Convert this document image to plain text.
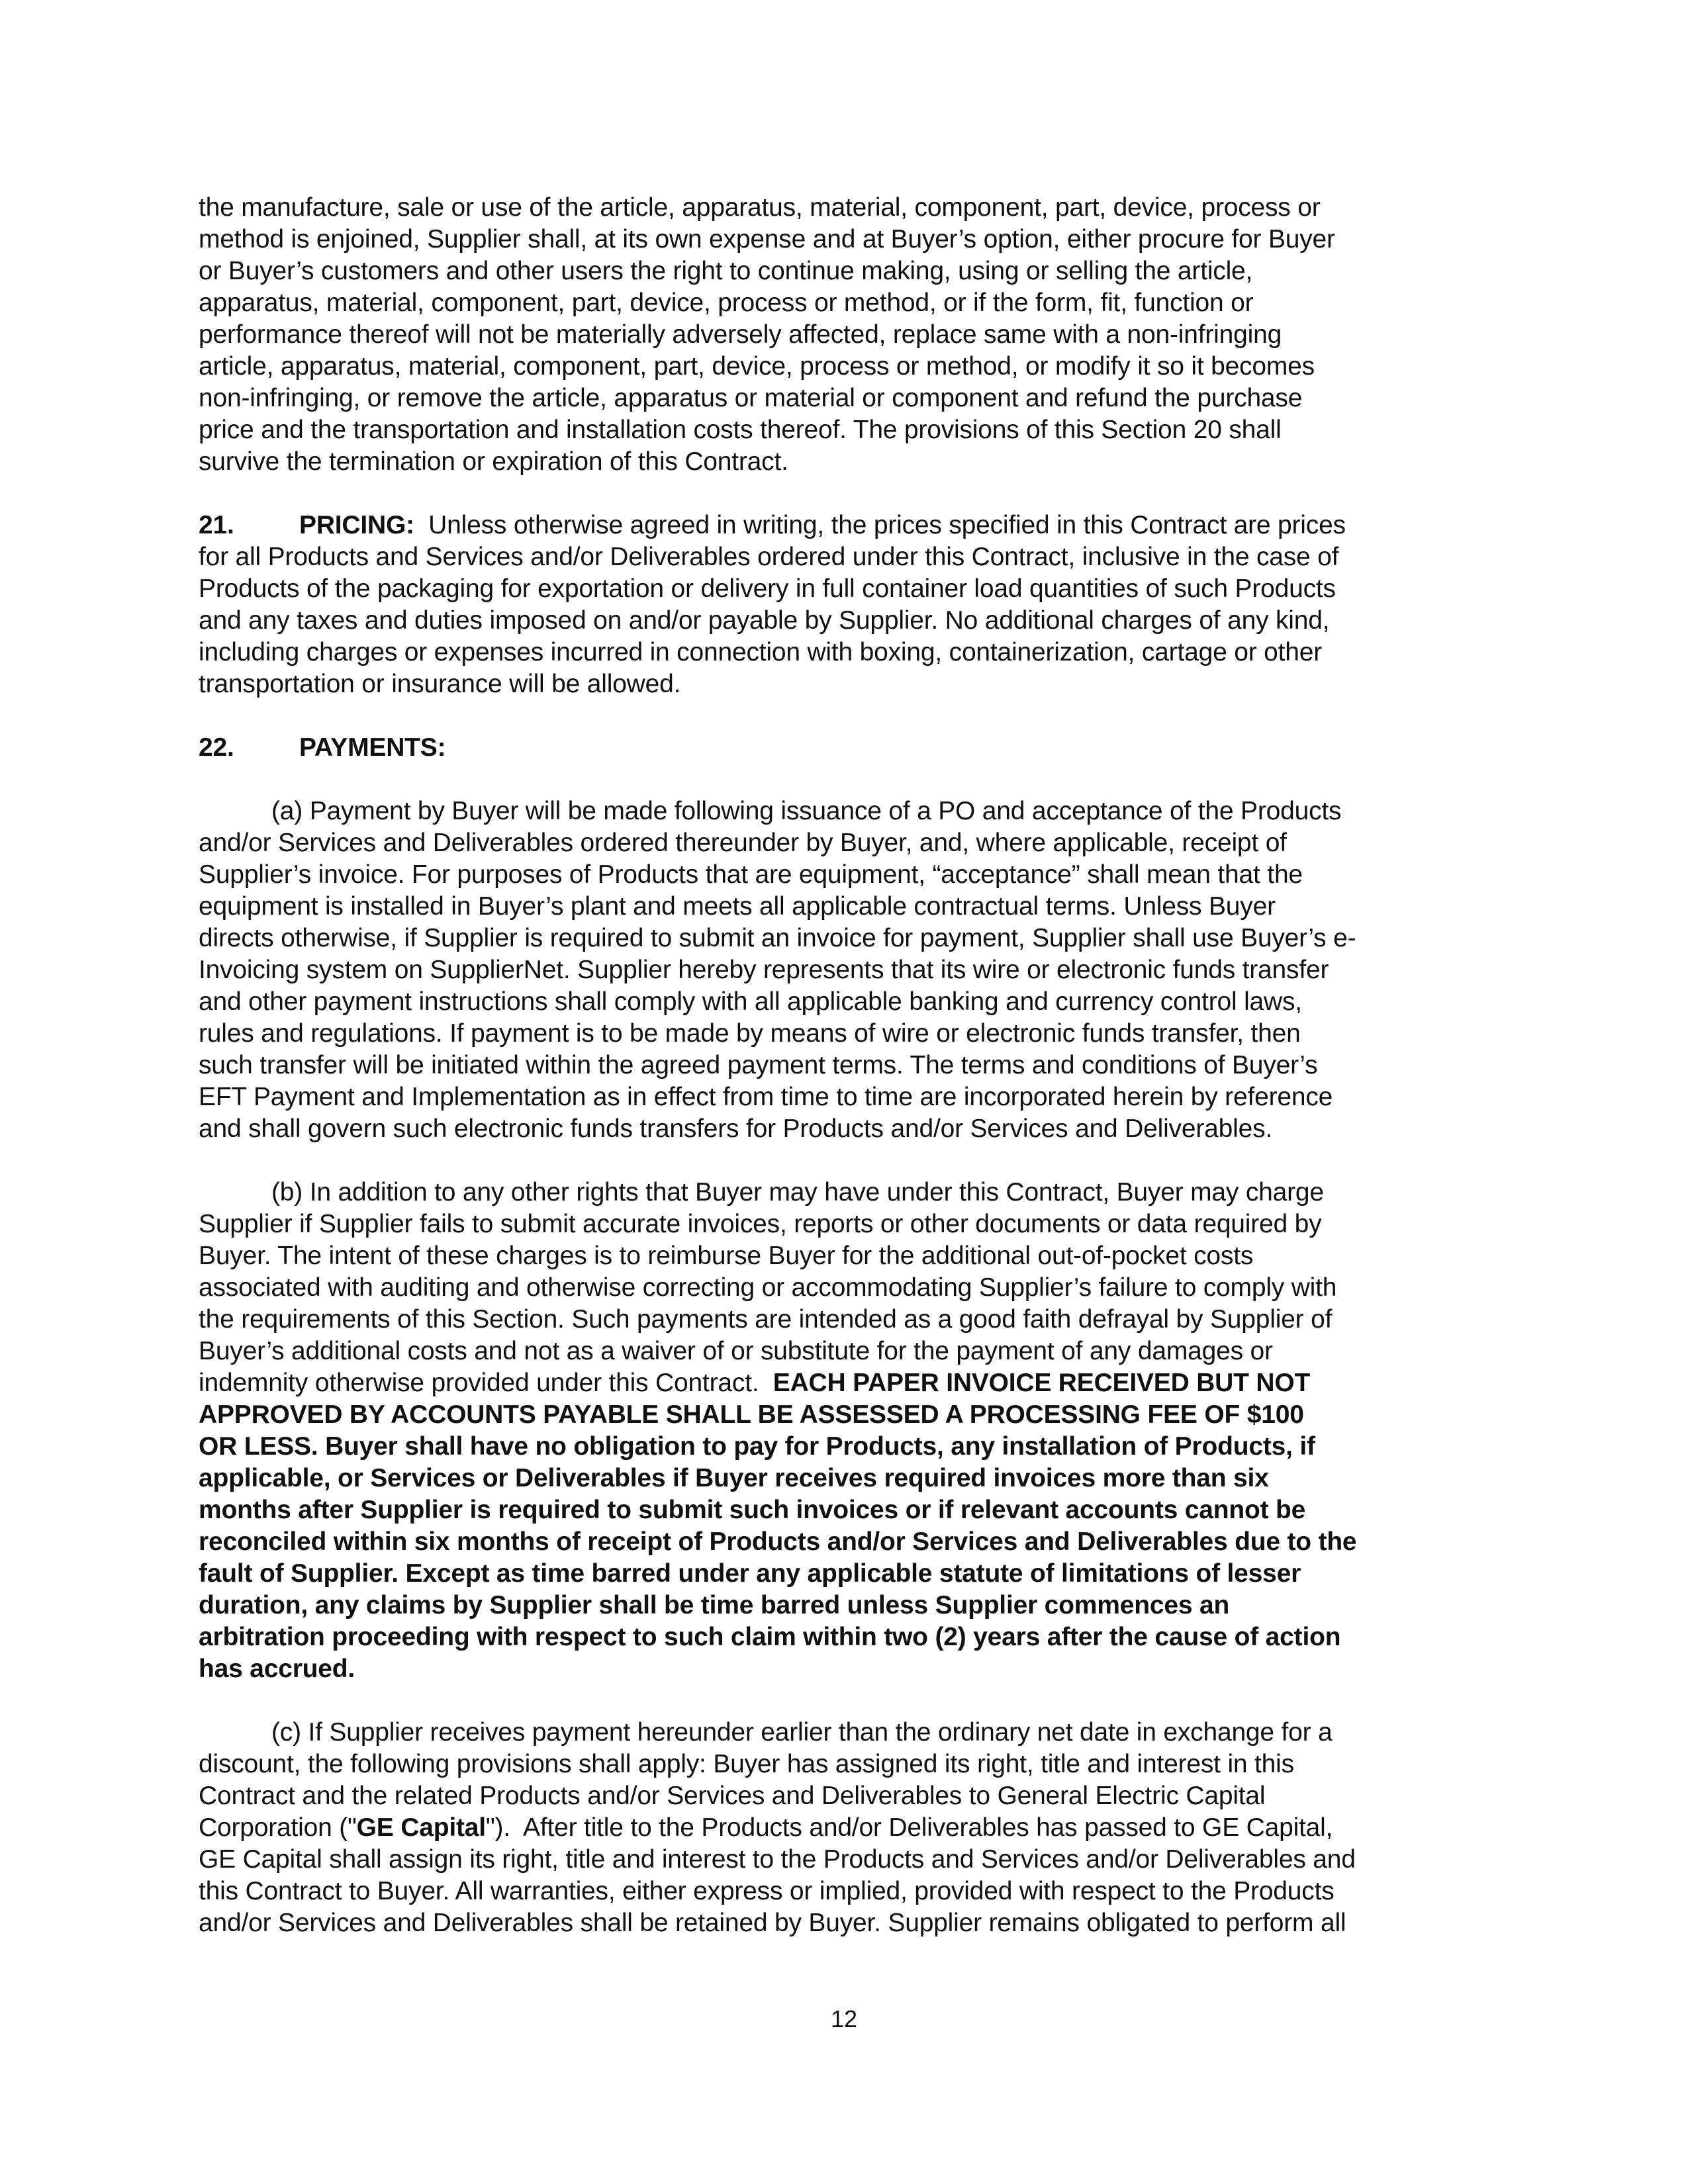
the manufacture, sale or use of the article, apparatus, material, component, part, device, process or
method is enjoined, Supplier shall, at its own expense and at Buyer’s option, either procure for Buyer
or Buyer’s customers and other users the right to continue making, using or selling the article,
apparatus, material, component, part, device, process or method, or if the form, fit, function or
performance thereof will not be materially adversely affected, replace same with a non-infringing
article, apparatus, material, component, part, device, process or method, or modify it so it becomes
non-infringing, or remove the article, apparatus or material or component and refund the purchase
price and the transportation and installation costs thereof. The provisions of this Section 20 shall
survive the termination or expiration of this Contract.
21.	PRICING:  Unless otherwise agreed in writing, the prices specified in this Contract are prices
for all Products and Services and/or Deliverables ordered under this Contract, inclusive in the case of
Products of the packaging for exportation or delivery in full container load quantities of such Products
and any taxes and duties imposed on and/or payable by Supplier. No additional charges of any kind,
including charges or expenses incurred in connection with boxing, containerization, cartage or other
transportation or insurance will be allowed.
22.	PAYMENTS:
(a) Payment by Buyer will be made following issuance of a PO and acceptance of the Products
and/or Services and Deliverables ordered thereunder by Buyer, and, where applicable, receipt of
Supplier’s invoice. For purposes of Products that are equipment, “acceptance” shall mean that the
equipment is installed in Buyer’s plant and meets all applicable contractual terms. Unless Buyer
directs otherwise, if Supplier is required to submit an invoice for payment, Supplier shall use Buyer’s e-
Invoicing system on SupplierNet. Supplier hereby represents that its wire or electronic funds transfer
and other payment instructions shall comply with all applicable banking and currency control laws,
rules and regulations. If payment is to be made by means of wire or electronic funds transfer, then
such transfer will be initiated within the agreed payment terms. The terms and conditions of Buyer’s
EFT Payment and Implementation as in effect from time to time are incorporated herein by reference
and shall govern such electronic funds transfers for Products and/or Services and Deliverables.
(b) In addition to any other rights that Buyer may have under this Contract, Buyer may charge
Supplier if Supplier fails to submit accurate invoices, reports or other documents or data required by
Buyer. The intent of these charges is to reimburse Buyer for the additional out-of-pocket costs
associated with auditing and otherwise correcting or accommodating Supplier’s failure to comply with
the requirements of this Section. Such payments are intended as a good faith defrayal by Supplier of
Buyer’s additional costs and not as a waiver of or substitute for the payment of any damages or
indemnity otherwise provided under this Contract.  EACH PAPER INVOICE RECEIVED BUT NOT
APPROVED BY ACCOUNTS PAYABLE SHALL BE ASSESSED A PROCESSING FEE OF $100
OR LESS. Buyer shall have no obligation to pay for Products, any installation of Products, if
applicable, or Services or Deliverables if Buyer receives required invoices more than six
months after Supplier is required to submit such invoices or if relevant accounts cannot be
reconciled within six months of receipt of Products and/or Services and Deliverables due to the
fault of Supplier. Except as time barred under any applicable statute of limitations of lesser
duration, any claims by Supplier shall be time barred unless Supplier commences an
arbitration proceeding with respect to such claim within two (2) years after the cause of action
has accrued.
(c) If Supplier receives payment hereunder earlier than the ordinary net date in exchange for a
discount, the following provisions shall apply: Buyer has assigned its right, title and interest in this
Contract and the related Products and/or Services and Deliverables to General Electric Capital
Corporation ("GE Capital").  After title to the Products and/or Deliverables has passed to GE Capital,
GE Capital shall assign its right, title and interest to the Products and Services and/or Deliverables and
this Contract to Buyer. All warranties, either express or implied, provided with respect to the Products
and/or Services and Deliverables shall be retained by Buyer. Supplier remains obligated to perform all
12
